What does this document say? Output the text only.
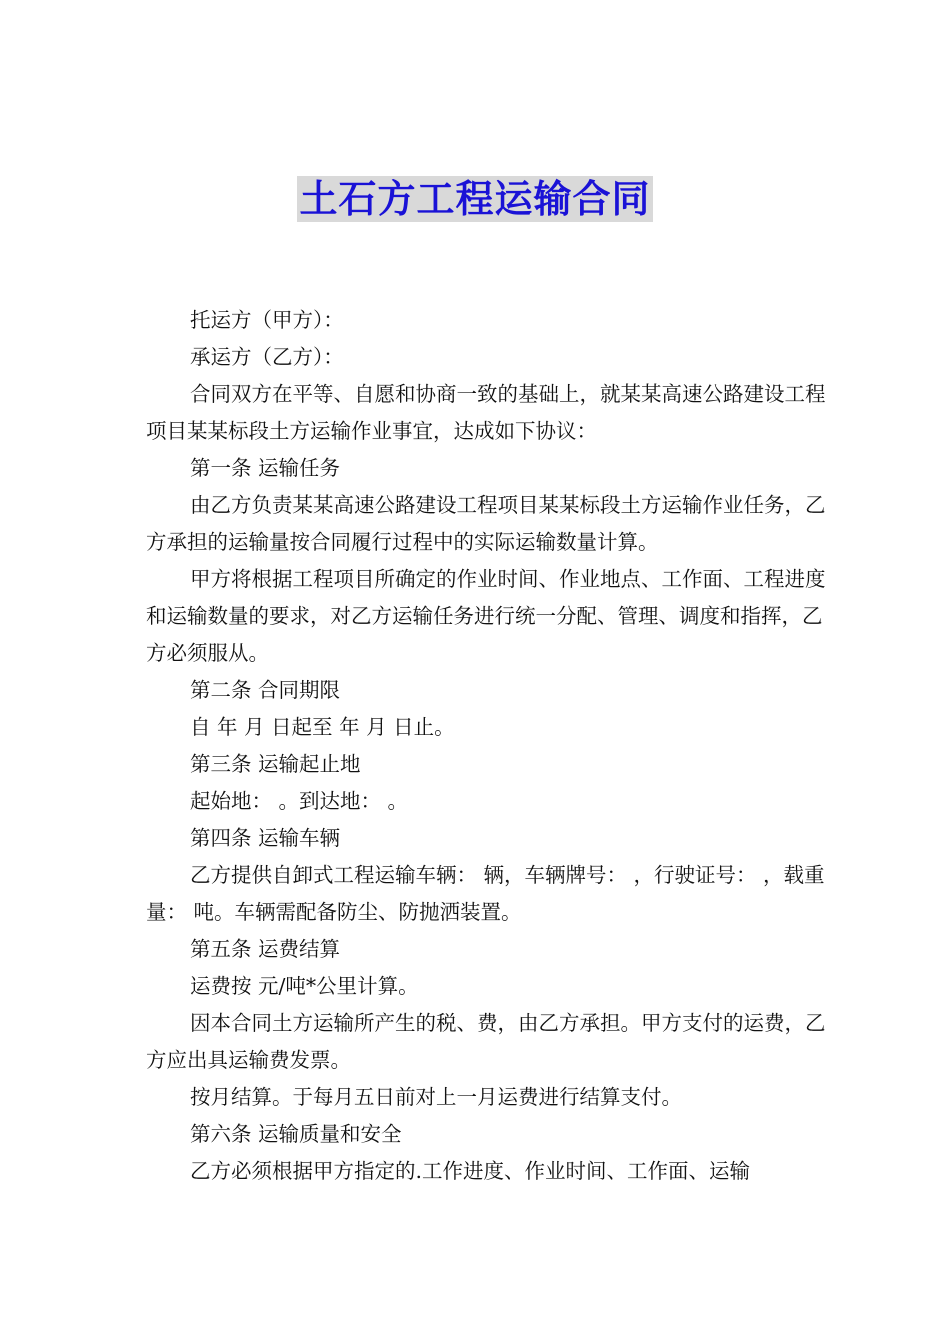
土石方工程运输合同

托运方（甲方）：

承运方（乙方）：

合同双方在平等、自愿和协商一致的基础上，就某某高速公路建设工程项目某某标段土方运输作业事宜，达成如下协议：

第一条 运输任务

由乙方负责某某高速公路建设工程项目某某标段土方运输作业任务，乙方承担的运输量按合同履行过程中的实际运输数量计算。

甲方将根据工程项目所确定的作业时间、作业地点、工作面、工程进度和运输数量的要求，对乙方运输任务进行统一分配、管理、调度和指挥，乙方必须服从。

第二条 合同期限

自 年 月 日起至 年 月 日止。

第三条 运输起止地

起始地： 。到达地： 。

第四条 运输车辆

乙方提供自卸式工程运输车辆： 辆，车辆牌号： ，行驶证号： ，载重量： 吨。车辆需配备防尘、防抛洒装置。

第五条 运费结算

运费按 元/吨*公里计算。

因本合同土方运输所产生的税、费，由乙方承担。甲方支付的运费，乙方应出具运输费发票。

按月结算。于每月五日前对上一月运费进行结算支付。

第六条 运输质量和安全

乙方必须根据甲方指定的.工作进度、作业时间、工作面、运输
